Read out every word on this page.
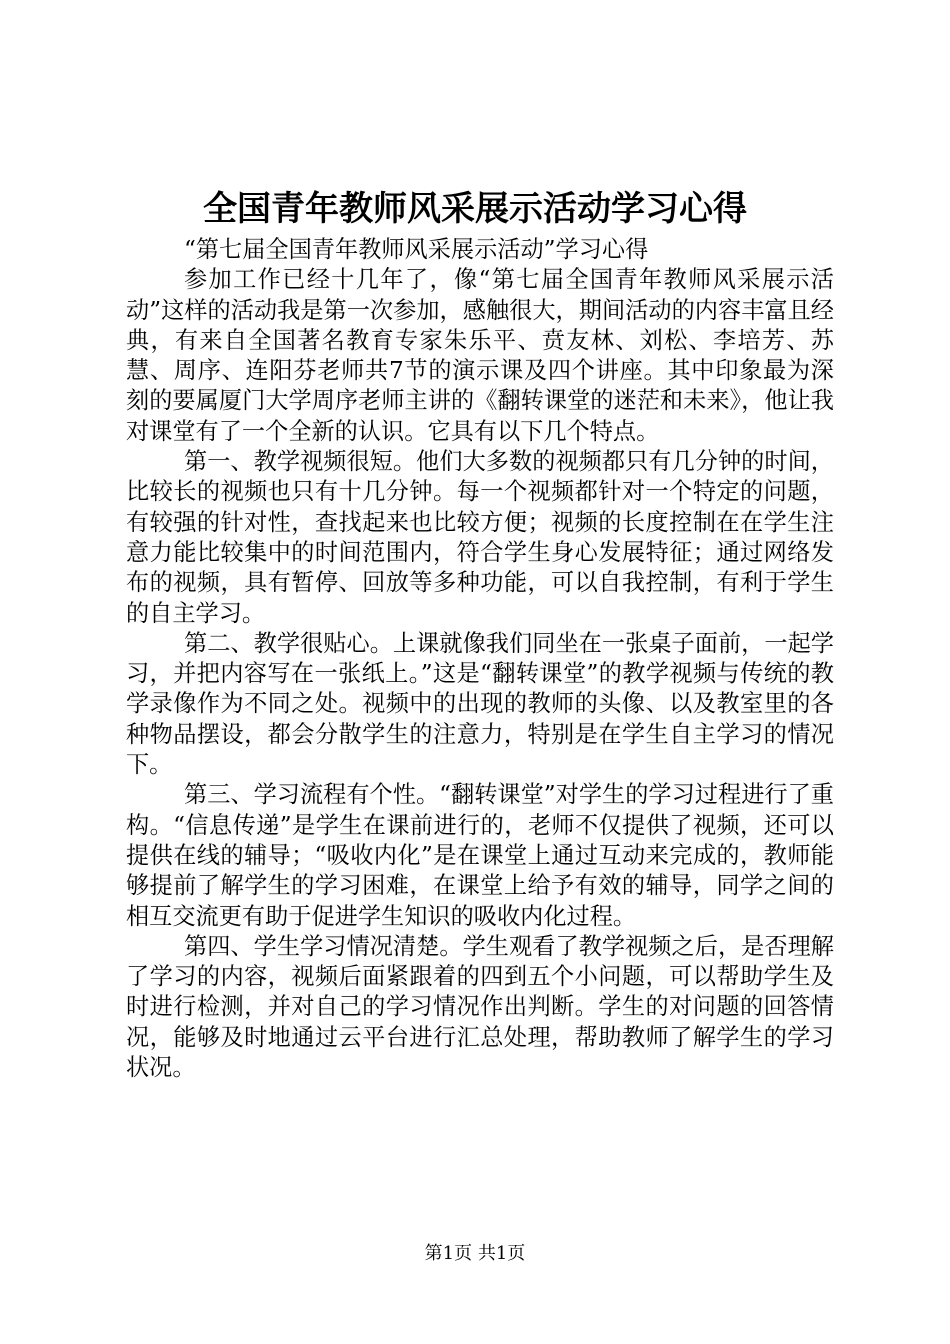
全国青年教师风采展示活动学习心得

“第七届全国青年教师风采展示活动”学习心得

参加工作已经十几年了，像“第七届全国青年教师风采展示活动”这样的活动我是第一次参加，感触很大，期间活动的内容丰富且经典，有来自全国著名教育专家朱乐平、贲友林、刘松、李培芳、苏慧、周序、连阳芬老师共7节的演示课及四个讲座。其中印象最为深刻的要属厦门大学周序老师主讲的《翻转课堂的迷茫和未来》，他让我对课堂有了一个全新的认识。它具有以下几个特点。

第一、教学视频很短。他们大多数的视频都只有几分钟的时间，比较长的视频也只有十几分钟。每一个视频都针对一个特定的问题，有较强的针对性，查找起来也比较方便；视频的长度控制在在学生注意力能比较集中的时间范围内，符合学生身心发展特征；通过网络发布的视频，具有暂停、回放等多种功能，可以自我控制，有利于学生的自主学习。

第二、教学很贴心。上课就像我们同坐在一张桌子面前，一起学习，并把内容写在一张纸上。”这是“翻转课堂”的教学视频与传统的教学录像作为不同之处。视频中的出现的教师的头像、以及教室里的各种物品摆设，都会分散学生的注意力，特别是在学生自主学习的情况下。

第三、学习流程有个性。“翻转课堂”对学生的学习过程进行了重构。“信息传递”是学生在课前进行的，老师不仅提供了视频，还可以提供在线的辅导；“吸收内化”是在课堂上通过互动来完成的，教师能够提前了解学生的学习困难，在课堂上给予有效的辅导，同学之间的相互交流更有助于促进学生知识的吸收内化过程。

第四、学生学习情况清楚。学生观看了教学视频之后，是否理解了学习的内容，视频后面紧跟着的四到五个小问题，可以帮助学生及时进行检测，并对自己的学习情况作出判断。学生的对问题的回答情况，能够及时地通过云平台进行汇总处理，帮助教师了解学生的学习状况。

第1页 共1页
